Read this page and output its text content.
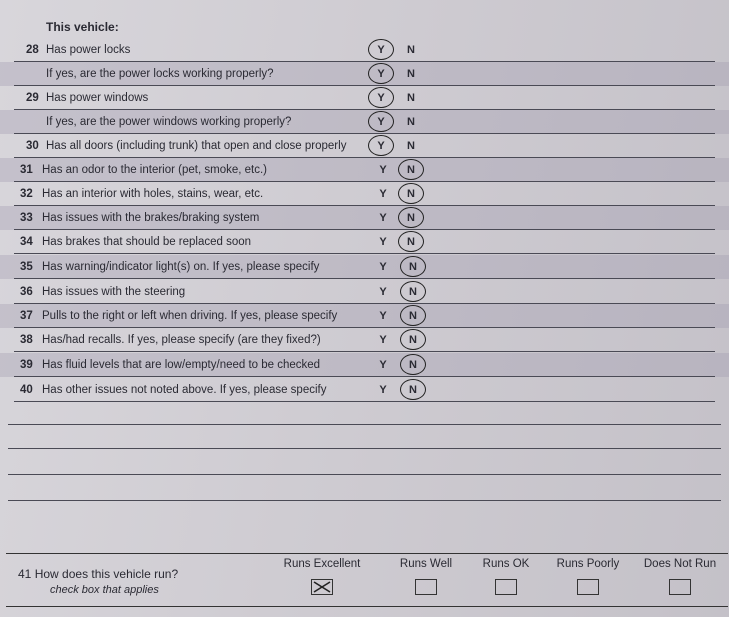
This vehicle:
28 Has power locks	Y	N
If yes, are the power locks working properly?	Y	N
29 Has power windows	Y	N
If yes, are the power windows working properly?	Y	N
30 Has all doors (including trunk) that open and close properly	Y	N
31 Has an odor to the interior (pet, smoke, etc.)	Y	N
32 Has an interior with holes, stains, wear, etc.	Y	N
33 Has issues with the brakes/braking system	Y	N
34 Has brakes that should be replaced soon	Y	N
35 Has warning/indicator light(s) on. If yes, please specify	Y	N
36 Has issues with the steering	Y	N
37 Pulls to the right or left when driving. If yes, please specify	Y	N
38 Has/had recalls. If yes, please specify (are they fixed?)	Y	N
39 Has fluid levels that are low/empty/need to be checked	Y	N
40 Has other issues not noted above. If yes, please specify	Y	N
41 How does this vehicle run?
check box that applies
Runs Excellent	Runs Well	Runs OK	Runs Poorly	Does Not Run
